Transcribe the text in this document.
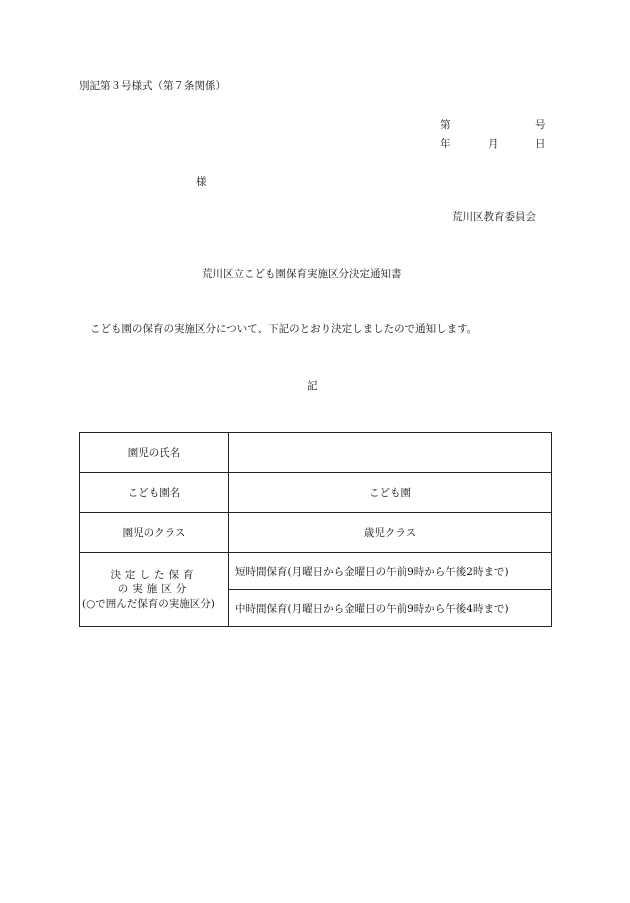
別記第３号様式（第７条関係）
第	号
年	月	日
様
荒川区教育委員会
荒川区立こども園保育実施区分決定通知書
こども園の保育の実施区分について、下記のとおり決定しましたので通知します。
記
園児の氏名	
こども園名	こども園
園児のクラス	歳児クラス

決定した保育
の実施区分
(○で囲んだ保育の実施区分)	短時間保育(月曜日から金曜日の午前9時から午後2時まで)
	中時間保育(月曜日から金曜日の午前9時から午後4時まで)
